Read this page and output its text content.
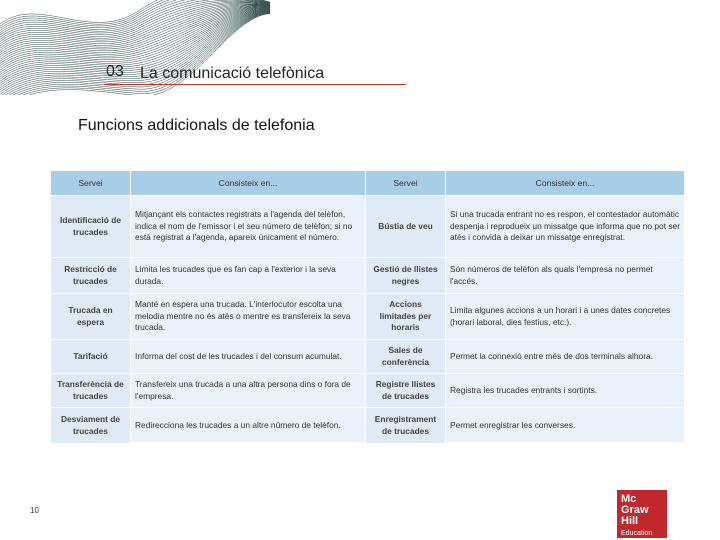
03 La comunicació telefònica
Funcions addicionals de telefonia
Servei	Consisteix en...	Servei	Consisteix en...
Identificació de trucades	Mitjançant els contactes registrats a l'agenda del telèfon, indica el nom de l'emissor i el seu número de telèfon; si no està registrat a l'agenda, apareix únicament el número.	Bústia de veu	Si una trucada entrant no es respon, el contestador automàtic despenja i reprodueix un missatge que informa que no pot ser atès i convida a deixar un missatge enregistrat.
Restricció de trucades	Limita les trucades que es fan cap a l'exterior i la seva durada.	Gestió de llistes negres	Són números de telèfon als quals l'empresa no permet l'accés.
Trucada en espera	Manté en espera una trucada. L'interlocutor escolta una melodia mentre no és atès o mentre es transfereix la seva trucada.	Accions limitades per horaris	Limita algunes accions a un horari i a unes dates concretes (horari laboral, dies festius, etc.).
Tarifació	Informa del cost de les trucades i del consum acumulat.	Sales de conferència	Permet la connexió entre més de dos terminals alhora.
Transferència de trucades	Transfereix una trucada a una altra persona dins o fora de l'empresa.	Registre llistes de trucades	Registra les trucades entrants i sortints.
Desviament de trucades	Redirecciona les trucades a un altre número de telèfon.	Enregistrament de trucades	Permet enregistrar les converses.
10
Mc
Graw
Hill
Education
